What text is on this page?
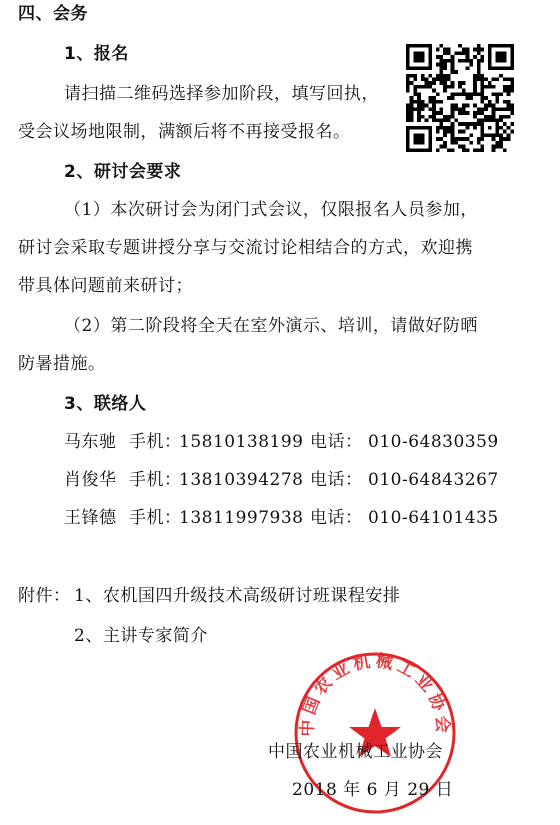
四、会务
1、报名
请扫描二维码选择参加阶段，填写回执，
受会议场地限制，满额后将不再接受报名。
2、研讨会要求
（1）本次研讨会为闭门式会议，仅限报名人员参加，
研讨会采取专题讲授分享与交流讨论相结合的方式，欢迎携
带具体问题前来研讨；
（2）第二阶段将全天在室外演示、培训，请做好防晒
防暑措施。
3、联络人
马东驰 手机：
15810138199 电话： 010-64830359
肖俊华 手机：
13810394278 电话： 010-64843267
王锋德 手机：
13811997938 电话： 010-64101435
附件： 1、农机国四升级技术高级研讨班课程安排
2、主讲专家简介
中国农业机械工业协会
中国农业机械工业协会
2018 年 6 月 29 日
